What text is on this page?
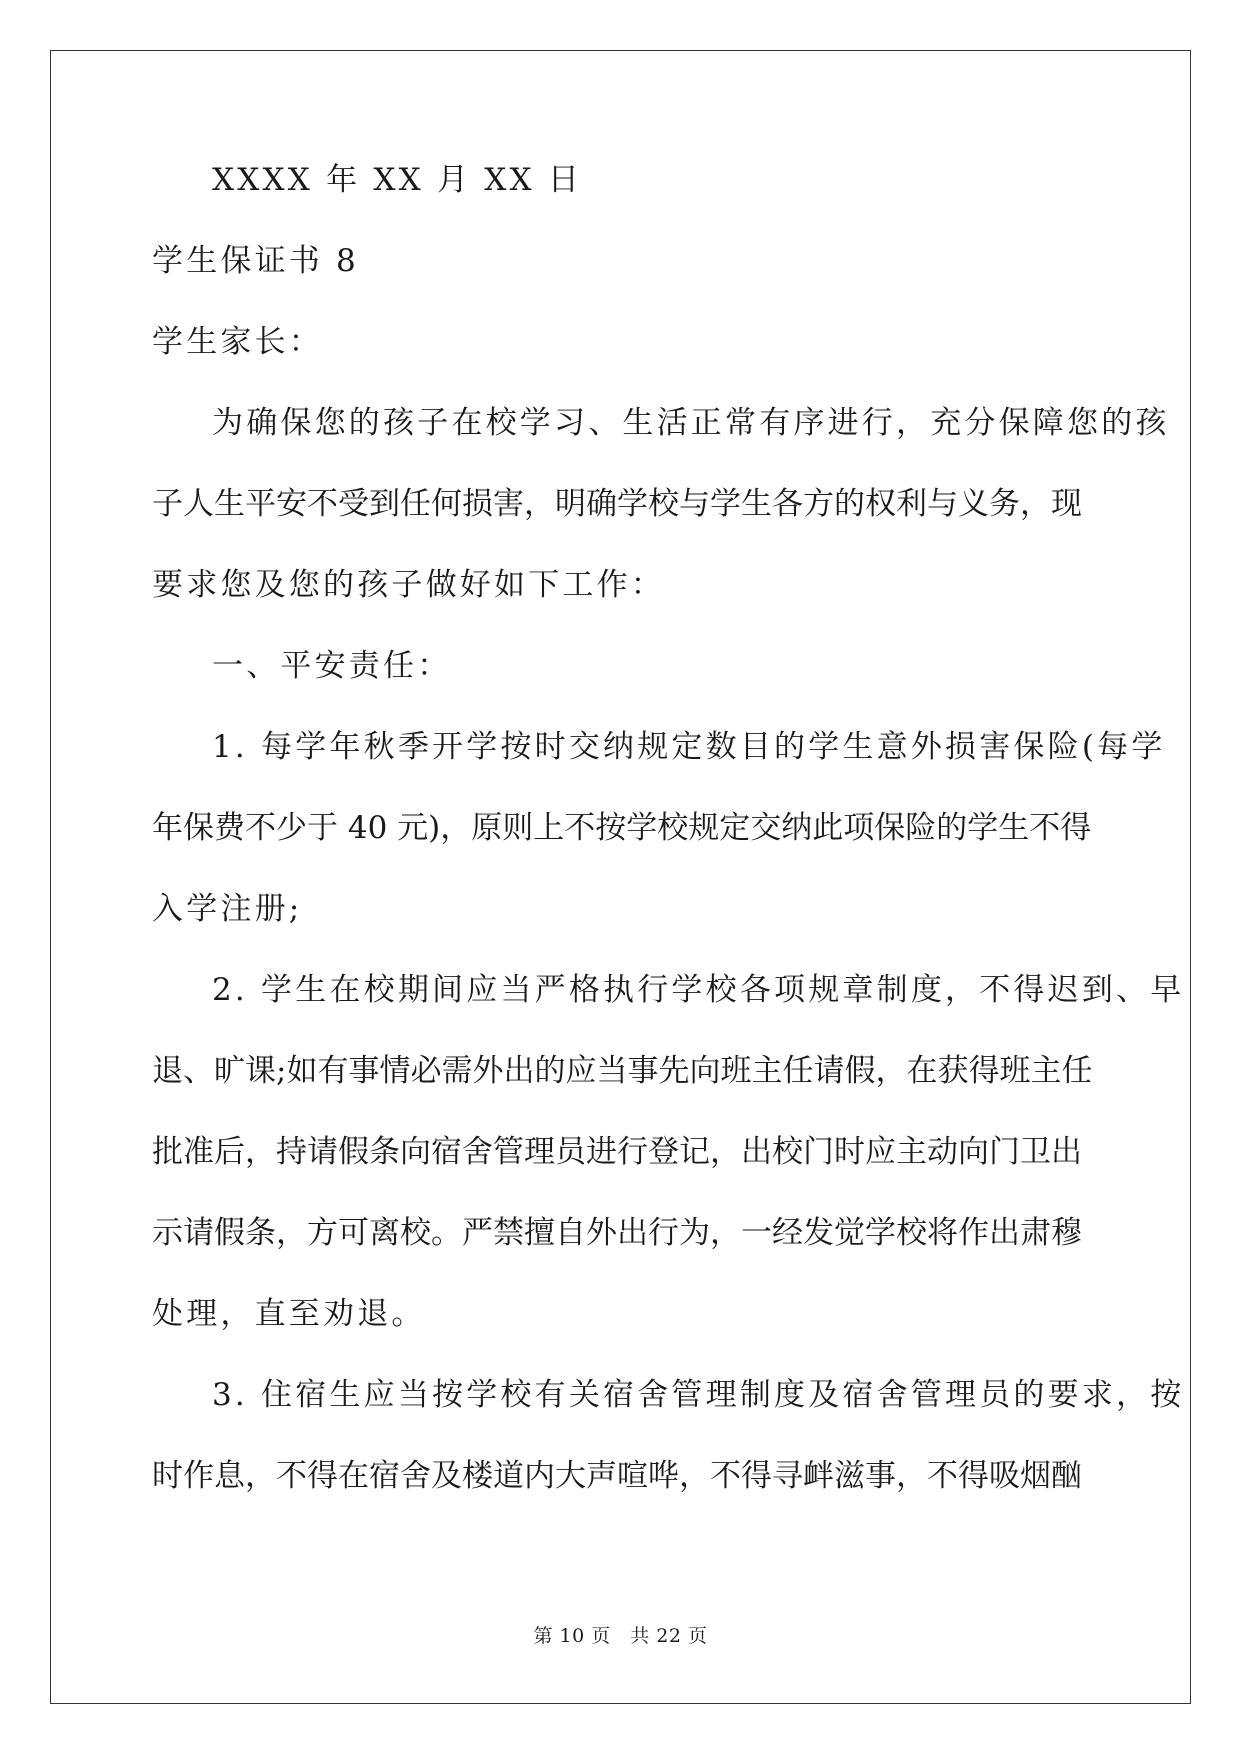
XXXX 年 XX 月 XX 日
学生保证书 8
学生家长：
为确保您的孩子在校学习、生活正常有序进行，充分保障您的孩
子人生平安不受到任何损害，明确学校与学生各方的权利与义务，现
要求您及您的孩子做好如下工作：
一、平安责任：
1. 每学年秋季开学按时交纳规定数目的学生意外损害保险(每学
年保费不少于 40 元)，原则上不按学校规定交纳此项保险的学生不得
入学注册;
2. 学生在校期间应当严格执行学校各项规章制度，不得迟到、早
退、旷课;如有事情必需外出的应当事先向班主任请假，在获得班主任
批准后，持请假条向宿舍管理员进行登记，出校门时应主动向门卫出
示请假条，方可离校。严禁擅自外出行为，一经发觉学校将作出肃穆
处理，直至劝退。
3. 住宿生应当按学校有关宿舍管理制度及宿舍管理员的要求，按
时作息，不得在宿舍及楼道内大声喧哗，不得寻衅滋事，不得吸烟酗
第 10 页　共 22 页
